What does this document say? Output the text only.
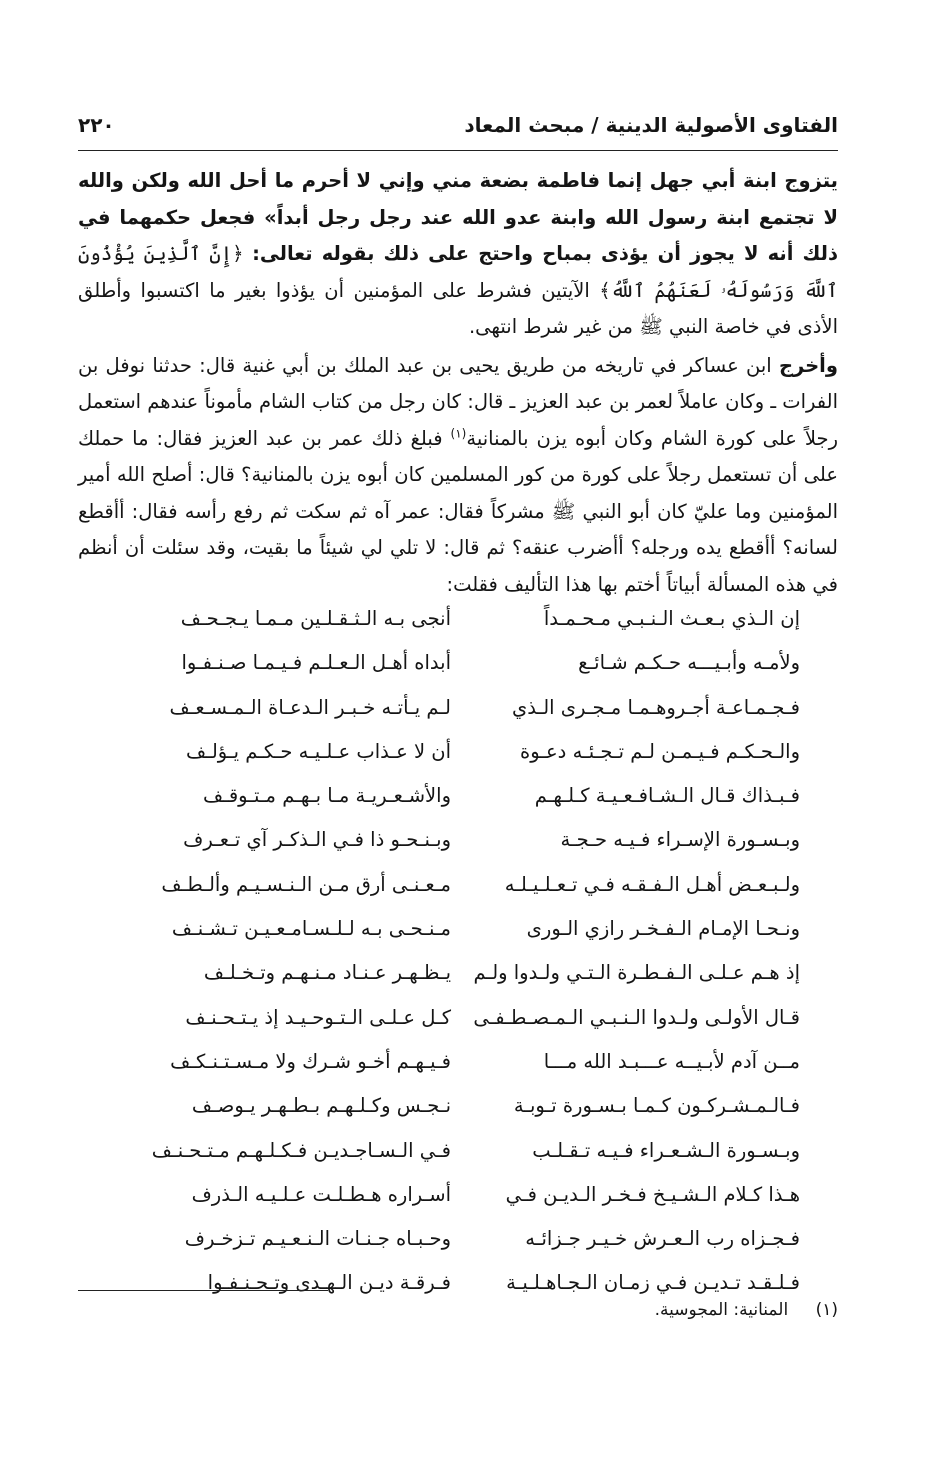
الفتاوى الأصولية الدينية / مبحث المعاد
٢٢٠

يتزوج ابنة أبي جهل إنما فاطمة بضعة مني وإني لا أحرم ما أحل الله ولكن والله لا تجتمع ابنة رسول الله وابنة عدو الله عند رجل رجل أبداً» فجعل حكمهما في ذلك أنه لا يجوز أن يؤذى بمباح واحتج على ذلك بقوله تعالى: ﴿إِنَّ ٱلَّذِينَ يُؤْذُونَ ٱللَّهَ وَرَسُولَهُۥ لَعَنَهُمُ ٱللَّهُ﴾ الآيتين فشرط على المؤمنين أن يؤذوا بغير ما اكتسبوا وأطلق الأذى في خاصة النبي ﷺ من غير شرط انتهى.

وأخرج ابن عساكر في تاريخه من طريق يحيى بن عبد الملك بن أبي غنية قال: حدثنا نوفل بن الفرات ـ وكان عاملاً لعمر بن عبد العزيز ـ قال: كان رجل من كتاب الشام مأموناً عندهم استعمل رجلاً على كورة الشام وكان أبوه يزن بالمنانية$^{(١)}$ فبلغ ذلك عمر بن عبد العزيز فقال: ما حملك على أن تستعمل رجلاً على كورة من كور المسلمين كان أبوه يزن بالمنانية؟ قال: أصلح الله أمير المؤمنين وما عليّ كان أبو النبي ﷺ مشركاً فقال: عمر آه ثم سكت ثم رفع رأسه فقال: أأقطع لسانه؟ أأقطع يده ورجله؟ أأضرب عنقه؟ ثم قال: لا تلي لي شيئاً ما بقيت، وقد سئلت أن أنظم في هذه المسألة أبياتاً أختم بها هذا التأليف فقلت:

إن الـذي بـعـث الـنـبـي مـحـمـداً
أنجى بـه الـثـقـلـين مـمـا يـجـحـف
ولأمـه وأبـيـــه حـكـم شـائـع
أبداه أهـل الـعـلـم فـيـمـا صـنـفـوا
فـجـمـاعـة أجـروهـمـا مـجـرى الـذي
لـم يـأتـه خـبـر الـدعـاة الـمـسـعـف
والـحـكـم فـيـمـن لـم تـجـئـه دعـوة
أن لا عـذاب عـلـيـه حـكـم يـؤلـف
فـبـذاك قـال الـشـافـعـيـة كـلـهـم
والأشـعـريـة مـا بـهـم مـتـوقـف
وبـسـورة الإسـراء فـيـه حـجـة
وبـنـحـو ذا فـي الـذكـر آي تـعـرف
ولـبـعـض أهـل الـفـقـه فـي تـعـلـيـلـه
مـعـنـى أرق مـن الـنـسـيـم وألـطـف
ونـحـا الإمـام الـفـخـر رازي الـورى
مـنـحـى بـه لـلـسـامـعـيـن تـشـنـف
إذ هـم عـلـى الـفـطـرة الـتـي ولـدوا ولـم
يـظـهـر عـنـاد مـنـهـم وتـخـلـف
قـال الأولـى ولـدوا الـنـبـي الـمـصـطـفـى
كـل عـلـى الـتـوحـيـد إذ يـتـحـنـف
مــن آدم لأبـيــه عـــبـد الله مـــا
فـيـهـم أخـو شـرك ولا مـسـتـنـكـف
فـالـمـشـركـون كـمـا بـسـورة تـوبـة
نـجـس وكـلـهـم بـطـهـر يـوصـف
وبـسـورة الـشـعـراء فـيـه تـقـلـب
فـي الـسـاجـديـن فـكـلـهـم مـتـحـنـف
هـذا كـلام الـشـيـخ فـخـر الـديـن فـي
أسـراره هـطـلـت عـلـيـه الـذرف
فـجـزاه رب الـعـرش خـيـر جـزائـه
وحـبـاه جـنـات الـنـعـيـم تـزخـرف
فـلـقـد تـديـن فـي زمـان الـجـاهـلـيـة
فـرقـة ديـن الـهـدى وتـحـنـفـوا
(١) المنانية: المجوسية.
